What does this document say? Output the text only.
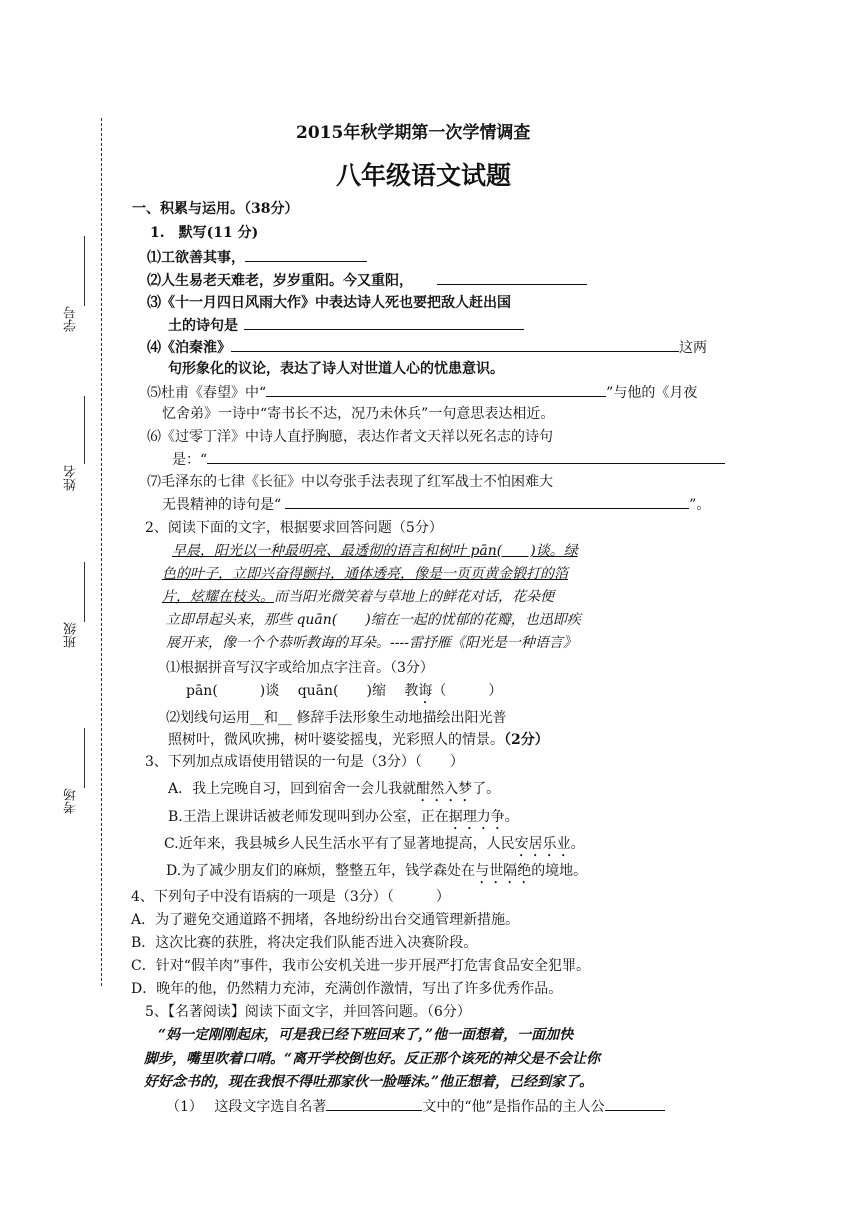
学号
姓名
班级
考场
2015年秋学期第一次学情调查
八年级语文试题
一、积累与运用。（38分）
1.　默写(11 分)
⑴工欲善其事，
⑵人生易老天难老，岁岁重阳。今又重阳，
⑶《十一月四日风雨大作》中表达诗人死也要把敌人赶出国
土的诗句是
⑷《泊秦淮》	这两
句形象化的议论，表达了诗人对世道人心的忧患意识。
⑸杜甫《春望》中“	”与他的《月夜
忆舍弟》一诗中“寄书长不达，况乃未休兵”一句意思表达相近。
⑹《过零丁洋》中诗人直抒胸臆，表达作者文天祥以死名志的诗句
是：“
⑺毛泽东的七律《长征》中以夸张手法表现了红军战士不怕困难大
无畏精神的诗句是“	”。
2、阅读下面的文字，根据要求回答问题（5分）
早晨，阳光以一种最明亮、最透彻的语言和树叶 pān(　　)谈。绿
色的叶子，立即兴奋得颤抖，通体透亮，像是一页页黄金锻打的箔
片，炫耀在枝头。而当阳光微笑着与草地上的鲜花对话，花朵便
立即昂起头来，那些 quān(　　)缩在一起的忧郁的花瓣，也迅即疾
展开来，像一个个恭听教诲的耳朵。----雷抒雁《阳光是一种语言》
⑴根据拼音写汉字或给加点字注音。（3分）
pān(　　　)谈　 quān(　　)缩　 教诲（　　　）
⑵划线句运用__和__ 修辞手法形象生动地描绘出阳光普
照树叶，微风吹拂，树叶婆娑摇曳，光彩照人的情景。（2分）
3、下列加点成语使用错误的一句是（3分）（　　）
A．我上完晚自习，回到宿舍一会儿我就酣然入梦了。
B.王浩上课讲话被老师发现叫到办公室，正在据理力争。
C.近年来，我县城乡人民生活水平有了显著地提高，人民安居乐业。
D.为了减少朋友们的麻烦，整整五年，钱学森处在与世隔绝的境地。
4、下列句子中没有语病的一项是（3分）（　　　）
A．为了避免交通道路不拥堵，各地纷纷出台交通管理新措施。
B．这次比赛的获胜，将决定我们队能否进入决赛阶段。
C．针对“假羊肉”事件，我市公安机关进一步开展严打危害食品安全犯罪。
D．晚年的他，仍然精力充沛，充满创作激情，写出了许多优秀作品。
5、【名著阅读】阅读下面文字，并回答问题。（6分）
“妈一定刚刚起床，可是我已经下班回来了，”他一面想着，一面加快
脚步，嘴里吹着口哨。“离开学校倒也好。反正那个该死的神父是不会让你
好好念书的，现在我恨不得吐那家伙一脸唾沫。”他正想着，已经到家了。
（1）　 这段文字选自名著	文中的“他”是指作品的主人公
